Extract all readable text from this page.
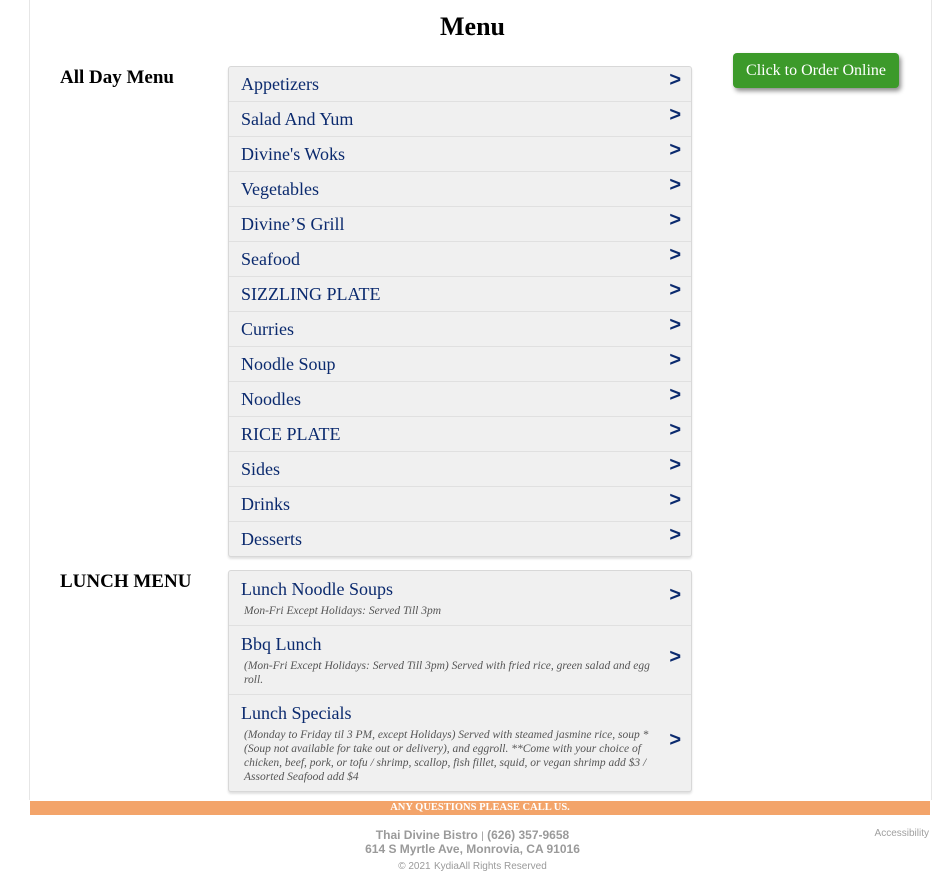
Menu
All Day Menu	Click to Order Online
Appetizers	>
Salad And Yum	>
Divine's Woks	>
Vegetables	>
Divine’S Grill	>
Seafood	>
SIZZLING PLATE	>
Curries	>
Noodle Soup	>
Noodles	>
RICE PLATE	>
Sides	>
Drinks	>
Desserts	>
LUNCH MENU	Lunch Noodle Soups
Mon-Fri Except Holidays: Served Till 3pm
>
Bbq Lunch
(Mon-Fri Except Holidays: Served Till 3pm) Served with fried rice, green salad and egg roll.
>
Lunch Specials
(Monday to Friday til 3 PM, except Holidays) Served with steamed jasmine rice, soup *(Soup not available for take out or delivery), and eggroll. **Come with your choice of chicken, beef, pork, or tofu / shrimp, scallop, fish fillet, squid, or vegan shrimp add $3 / Assorted Seafood add $4
>
ANY QUESTIONS PLEASE CALL US.
Thai Divine Bistro | (626) 357-9658
614 S Myrtle Ave, Monrovia, CA 91016
© 2021 KydiaAll Rights Reserved
Accessibility
